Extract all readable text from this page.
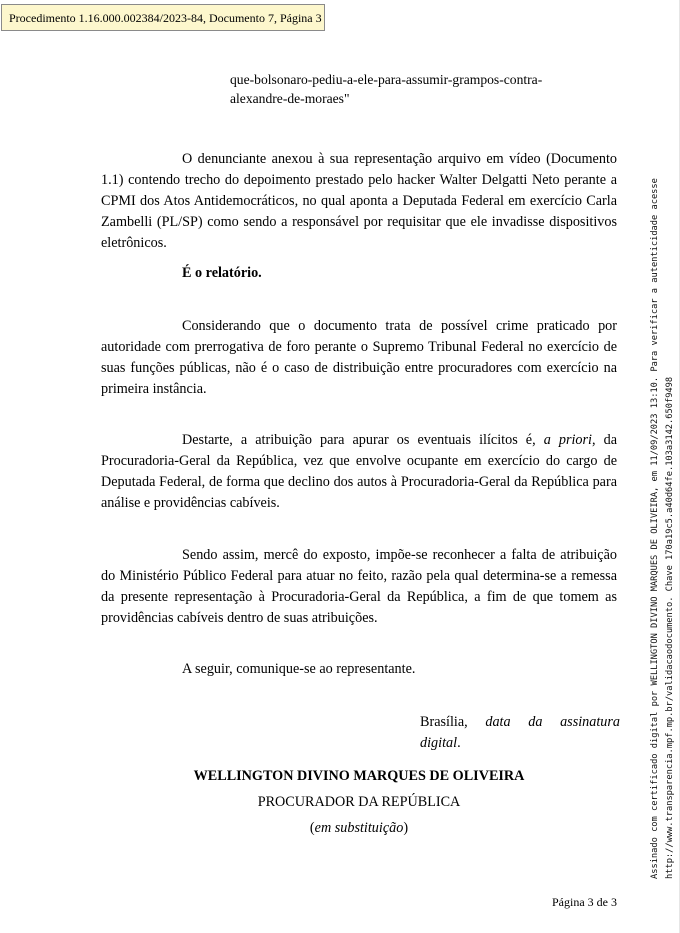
Procedimento 1.16.000.002384/2023-84, Documento 7, Página 3
que-bolsonaro-pediu-a-ele-para-assumir-grampos-contra-alexandre-de-moraes"
O denunciante anexou à sua representação arquivo em vídeo (Documento 1.1) contendo trecho do depoimento prestado pelo hacker Walter Delgatti Neto perante a CPMI dos Atos Antidemocráticos, no qual aponta a Deputada Federal em exercício Carla Zambelli (PL/SP) como sendo a responsável por requisitar que ele invadisse dispositivos eletrônicos.
É o relatório.
Considerando que o documento trata de possível crime praticado por autoridade com prerrogativa de foro perante o Supremo Tribunal Federal no exercício de suas funções públicas, não é o caso de distribuição entre procuradores com exercício na primeira instância.
Destarte, a atribuição para apurar os eventuais ilícitos é, a priori, da Procuradoria-Geral da República, vez que envolve ocupante em exercício do cargo de Deputada Federal, de forma que declino dos autos à Procuradoria-Geral da República para análise e providências cabíveis.
Sendo assim, mercê do exposto, impõe-se reconhecer a falta de atribuição do Ministério Público Federal para atuar no feito, razão pela qual determina-se a remessa da presente representação à Procuradoria-Geral da República, a fim de que tomem as providências cabíveis dentro de suas atribuições.
A seguir, comunique-se ao representante.
Brasília, data da assinatura digital.
WELLINGTON DIVINO MARQUES DE OLIVEIRA
PROCURADOR DA REPÚBLICA
(em substituição)	Assinado com certificado digital por WELLINGTON DIVINO MARQUES DE OLIVEIRA, em 11/09/2023 13:10. Para verificar a autenticidade acesse http://www.transparencia.mpf.mp.br/validacaodocumento. Chave 170a19c5.a40d64fe.103a3142.650f9498
Página 3 de 3
